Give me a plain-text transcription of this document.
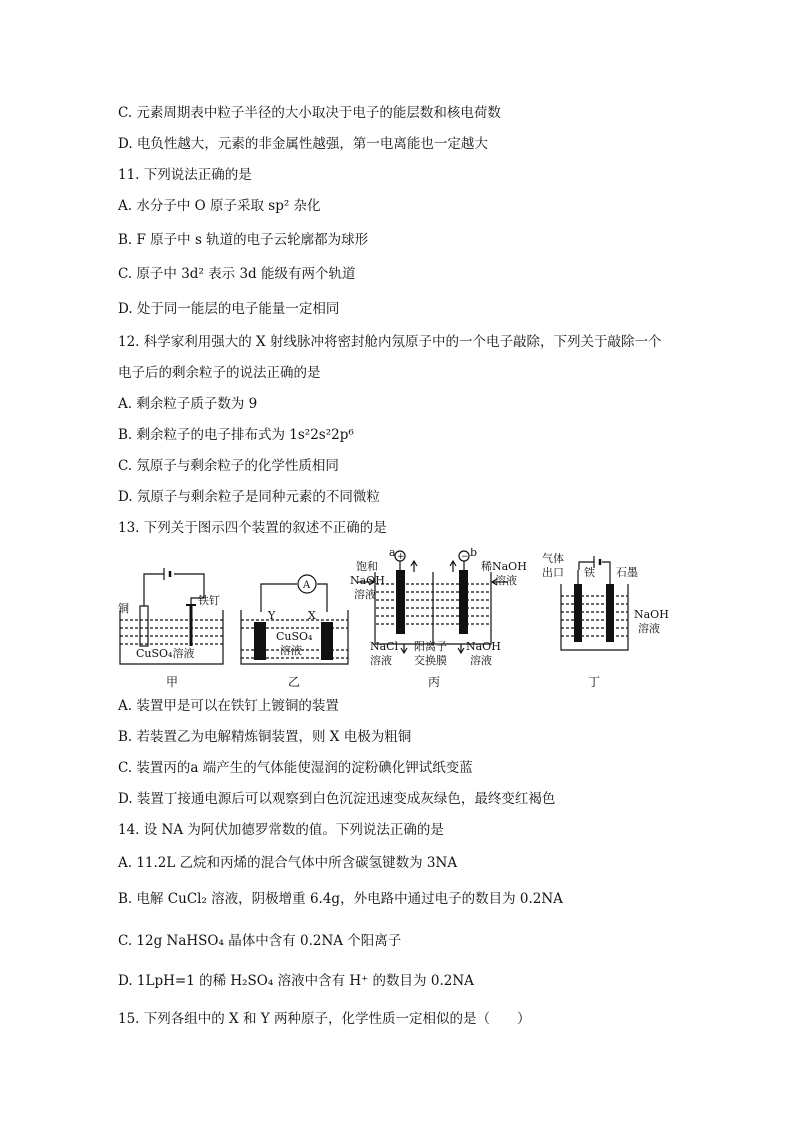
C. 元素周期表中粒子半径的大小取决于电子的能层数和核电荷数
D. 电负性越大，元素的非金属性越强，第一电离能也一定越大
11. 下列说法正确的是
A. 水分子中 O 原子采取 sp² 杂化
B. F 原子中 s 轨道的电子云轮廓都为球形
C. 原子中 3d² 表示 3d 能级有两个轨道
D. 处于同一能层的电子能量一定相同
12. 科学家利用强大的 X 射线脉冲将密封舱内氖原子中的一个电子敲除，下列关于敲除一个
电子后的剩余粒子的说法正确的是
A. 剩余粒子质子数为 9
B. 剩余粒子的电子排布式为 1s²2s²2p⁶
C. 氖原子与剩余粒子的化学性质相同
D. 氖原子与剩余粒子是同种元素的不同微粒
13. 下列关于图示四个装置的叙述不正确的是
铜
铁钉
CuSO₄溶液
甲
A
Y	X
CuSO₄
溶液
乙
a +	− b
饱和
NaOH
溶液
稀NaOH
溶液
NaCl
溶液
阳离子
交换膜
NaOH
溶液
丙
气体
出口 铁 石墨
NaOH
溶液
丁
A. 装置甲是可以在铁钉上镀铜的装置
B. 若装置乙为电解精炼铜装置，则 X 电极为粗铜
C. 装置丙的a 端产生的气体能使湿润的淀粉碘化钾试纸变蓝
D. 装置丁接通电源后可以观察到白色沉淀迅速变成灰绿色，最终变红褐色
14. 设 NA 为阿伏加德罗常数的值。下列说法正确的是
A. 11.2L 乙烷和丙烯的混合气体中所含碳氢键数为 3NA
B. 电解 CuCl₂ 溶液，阴极增重 6.4g，外电路中通过电子的数目为 0.2NA
C. 12g NaHSO₄ 晶体中含有 0.2NA 个阳离子
D. 1LpH=1 的稀 H₂SO₄ 溶液中含有 H⁺ 的数目为 0.2NA
15. 下列各组中的 X 和 Y 两种原子，化学性质一定相似的是（　　）
